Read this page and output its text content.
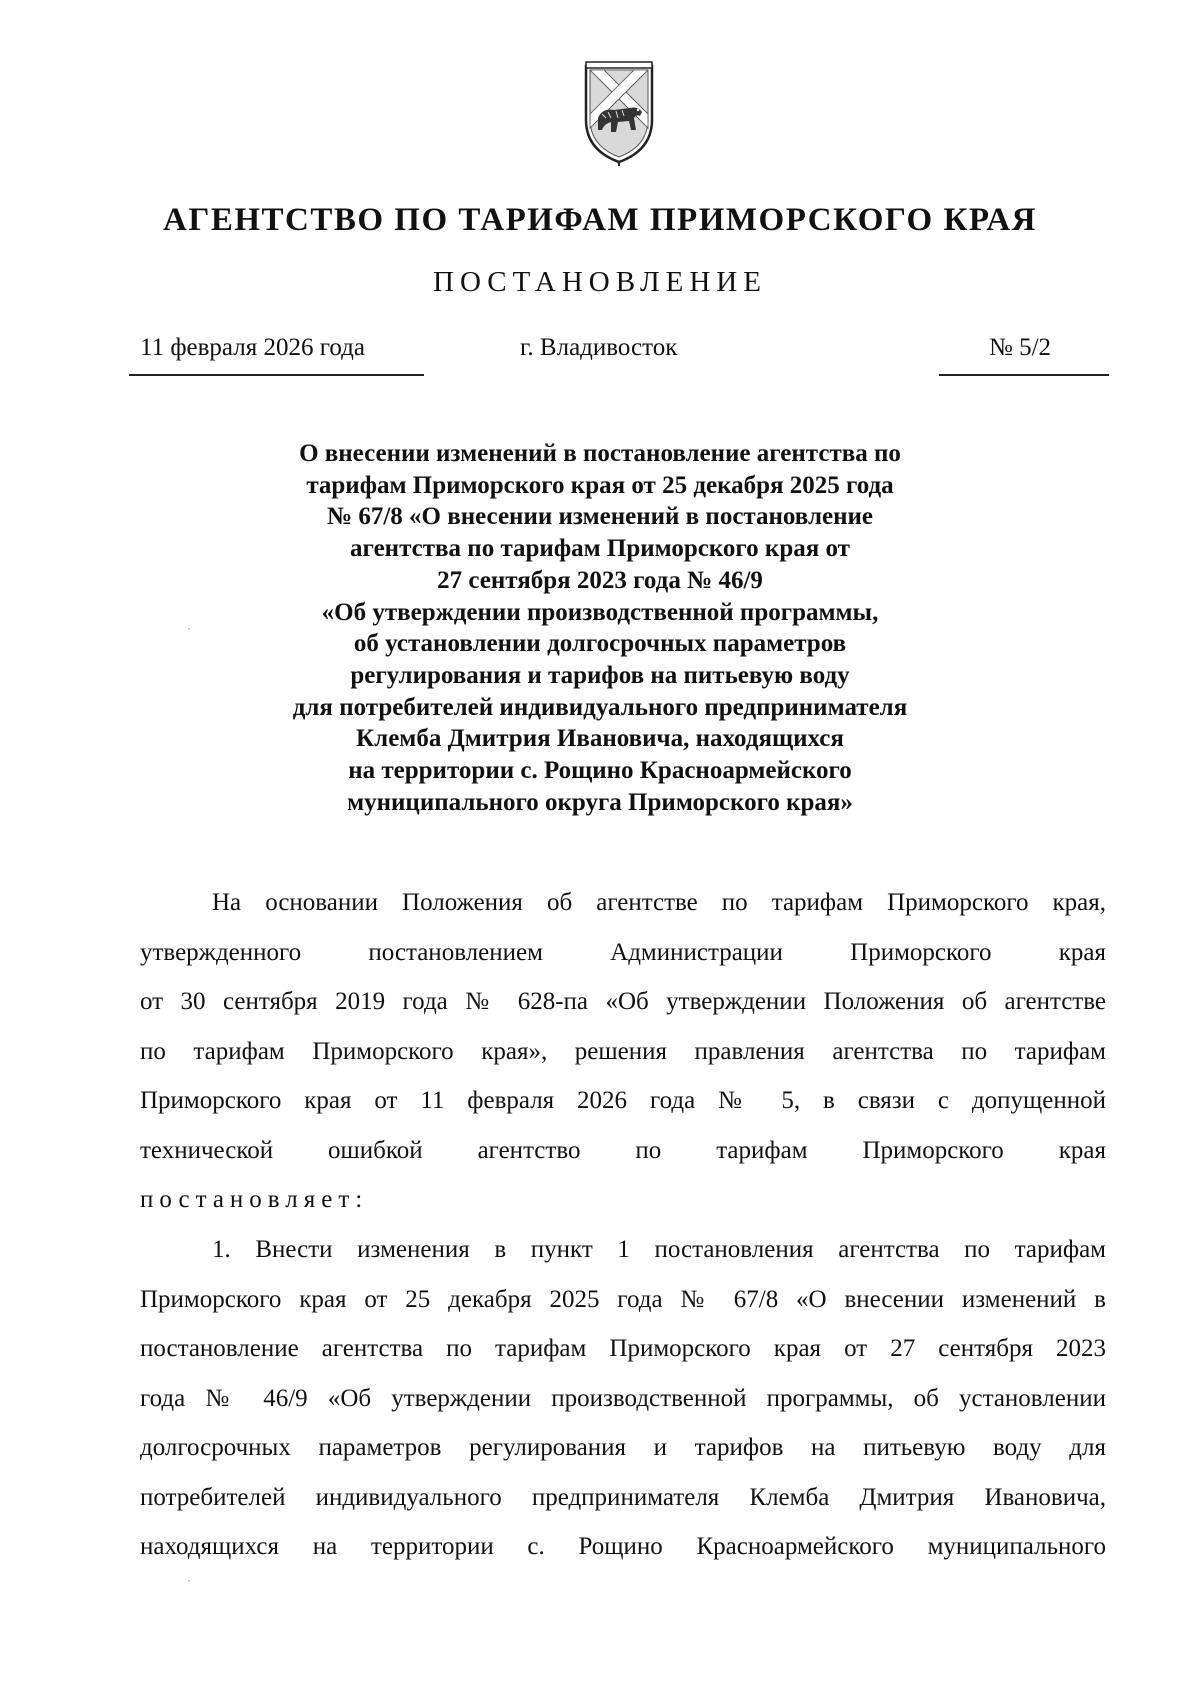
АГЕНТСТВО ПО ТАРИФАМ ПРИМОРСКОГО КРАЯ
ПОСТАНОВЛЕНИЕ
11 февраля 2026 года	г. Владивосток	№ 5/2
О внесении изменений в постановление агентства по
тарифам Приморского края от 25 декабря 2025 года
№ 67/8 «О внесении изменений в постановление
агентства по тарифам Приморского края от
27 сентября 2023 года № 46/9
«Об утверждении производственной программы,
об установлении долгосрочных параметров
регулирования и тарифов на питьевую воду
для потребителей индивидуального предпринимателя
Клемба Дмитрия Ивановича, находящихся
на территории с. Рощино Красноармейского
муниципального округа Приморского края»
На основании Положения об агентстве по тарифам Приморского края,
утвержденного постановлением Администрации Приморского края
от 30 сентября 2019 года № 628-па «Об утверждении Положения об агентстве
по тарифам Приморского края», решения правления агентства по тарифам
Приморского края от 11 февраля 2026 года № 5, в связи с допущенной
технической ошибкой агентство по тарифам Приморского края
постановляет:
1. Внести изменения в пункт 1 постановления агентства по тарифам
Приморского края от 25 декабря 2025 года № 67/8 «О внесении изменений в
постановление агентства по тарифам Приморского края от 27 сентября 2023
года № 46/9 «Об утверждении производственной программы, об установлении
долгосрочных параметров регулирования и тарифов на питьевую воду для
потребителей индивидуального предпринимателя Клемба Дмитрия Ивановича,
находящихся на территории с. Рощино Красноармейского муниципального
